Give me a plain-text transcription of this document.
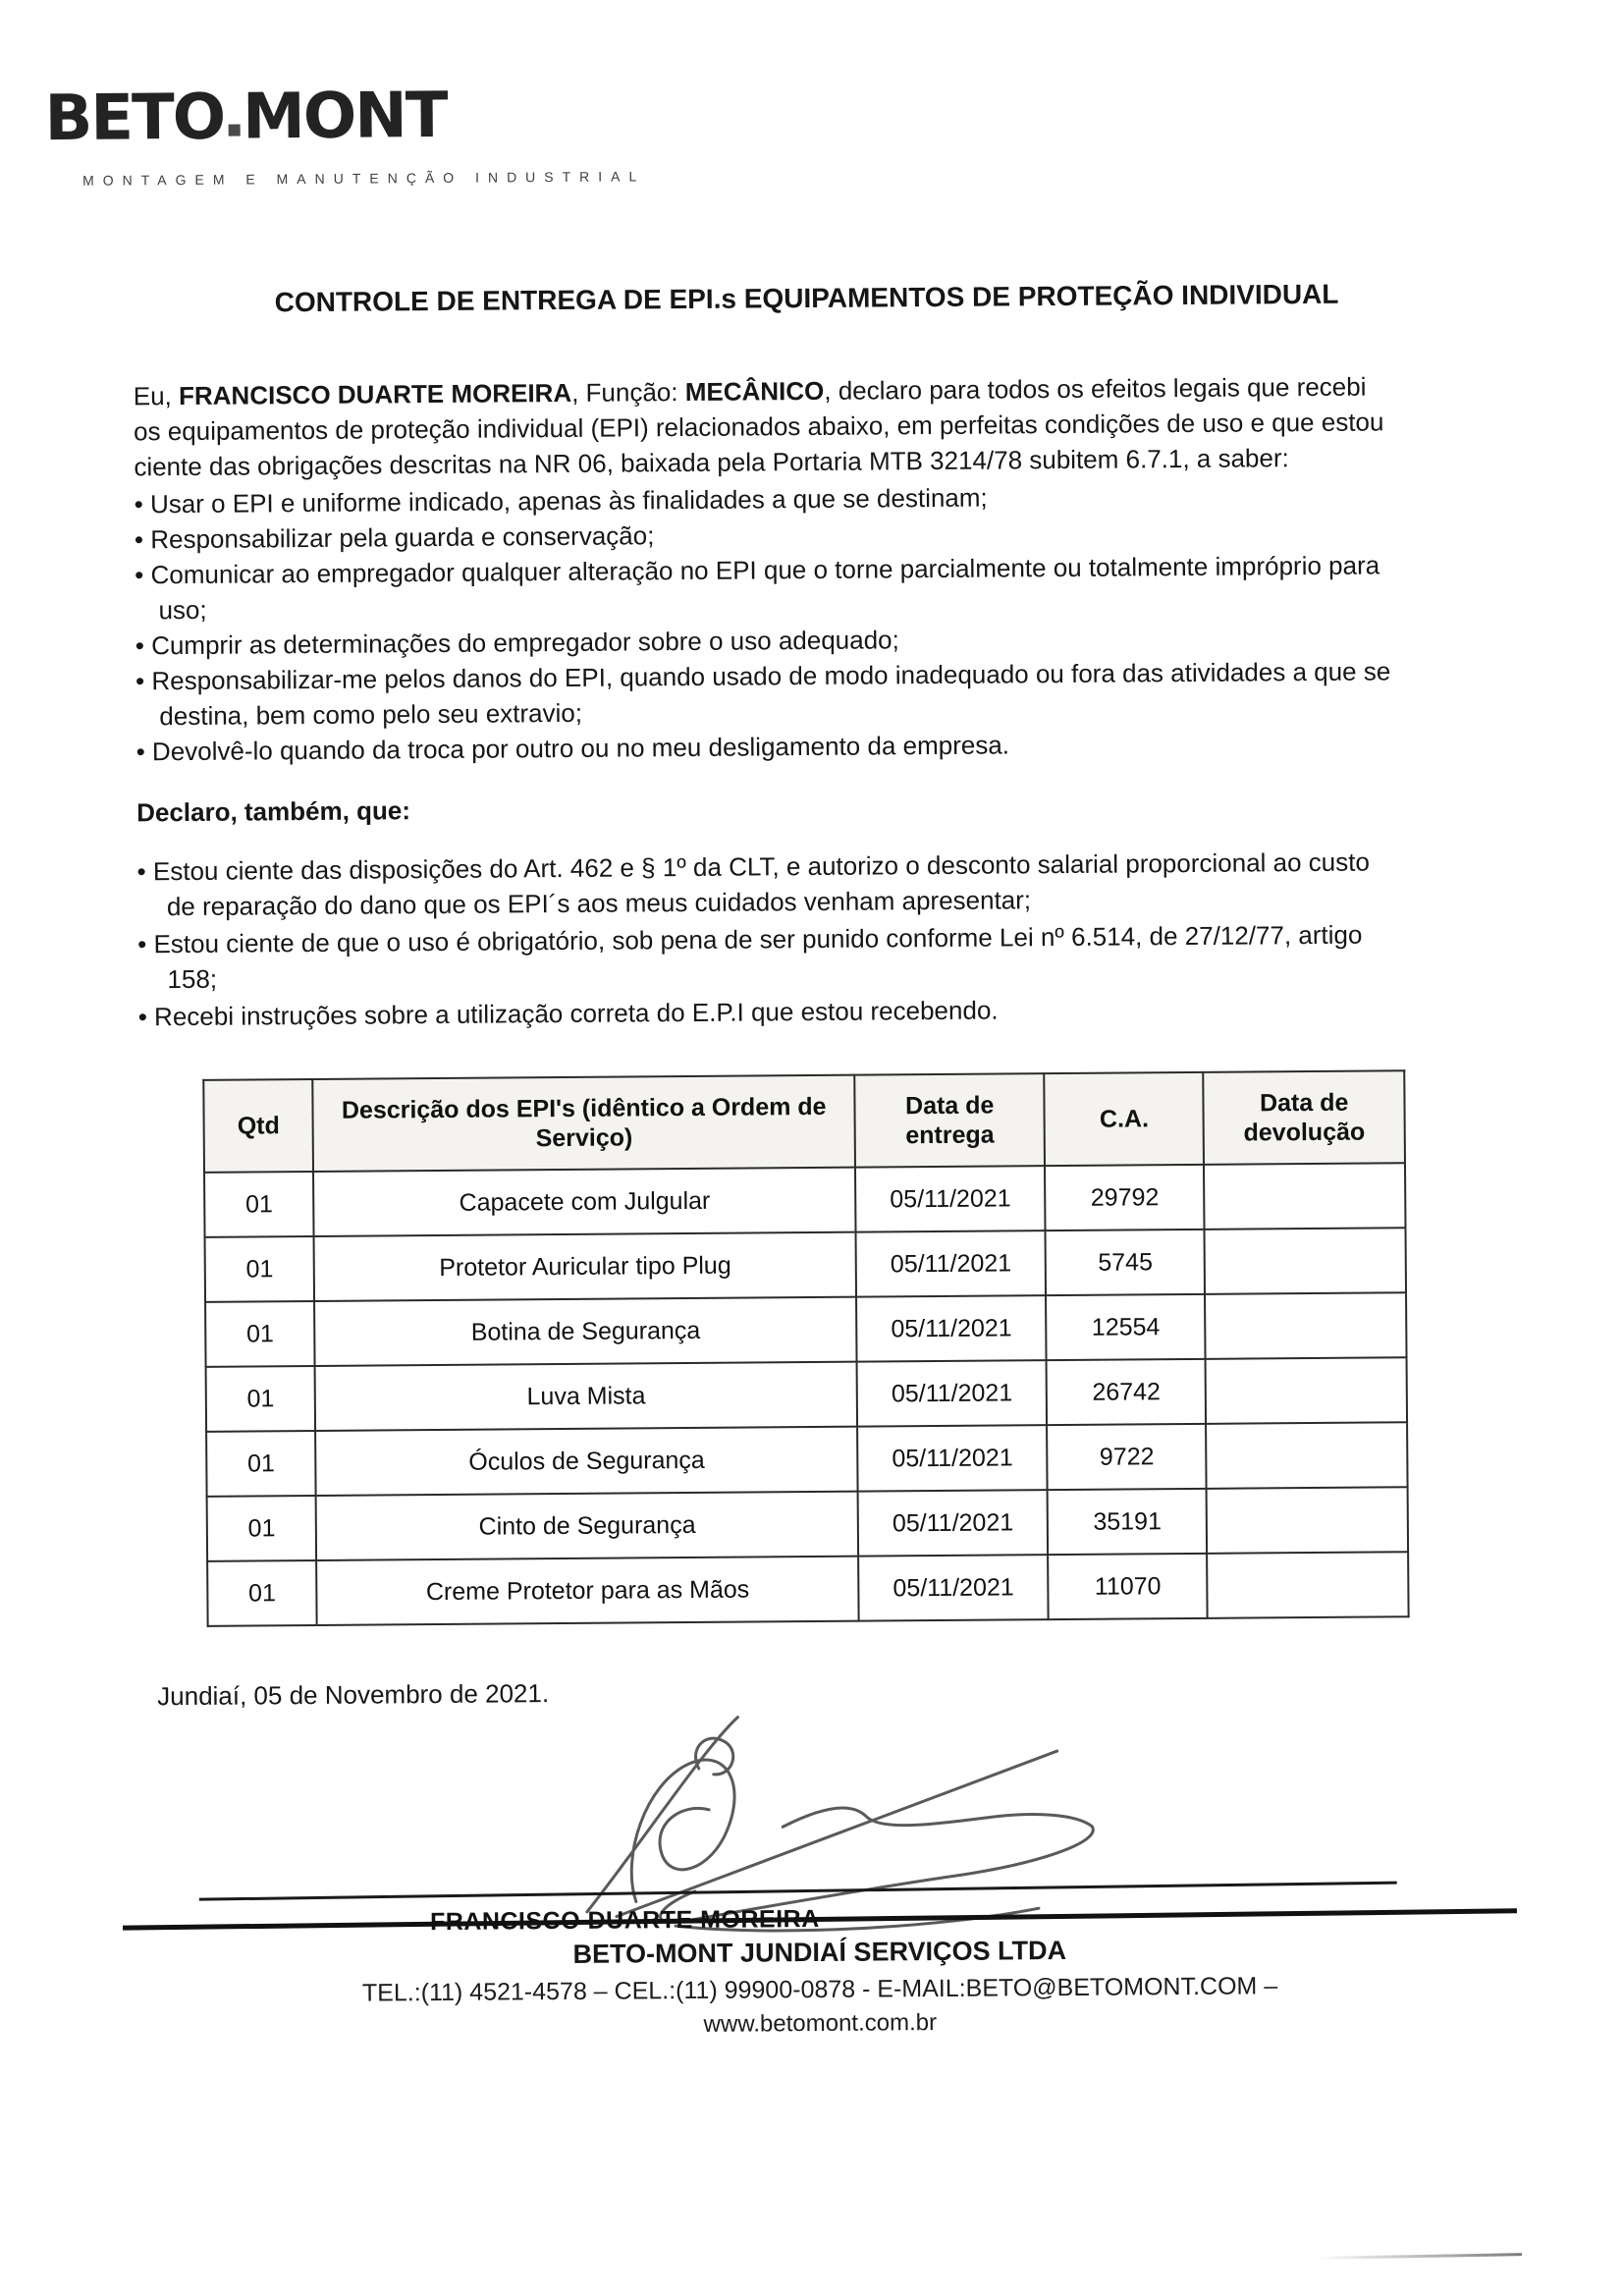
BETO MONT
MONTAGEM E MANUTENÇÃO INDUSTRIAL
CONTROLE DE ENTREGA DE EPI.s EQUIPAMENTOS DE PROTEÇÃO INDIVIDUAL

Eu, FRANCISCO DUARTE MOREIRA, Função: MECÂNICO, declaro para todos os efeitos legais que recebi os equipamentos de proteção individual (EPI) relacionados abaixo, em perfeitas condições de uso e que estou ciente das obrigações descritas na NR 06, baixada pela Portaria MTB 3214/78 subitem 6.7.1, a saber:

• Usar o EPI e uniforme indicado, apenas às finalidades a que se destinam;
• Responsabilizar pela guarda e conservação;
• Comunicar ao empregador qualquer alteração no EPI que o torne parcialmente ou totalmente impróprio para uso;
• Cumprir as determinações do empregador sobre o uso adequado;
• Responsabilizar-me pelos danos do EPI, quando usado de modo inadequado ou fora das atividades a que se destina, bem como pelo seu extravio;
• Devolvê-lo quando da troca por outro ou no meu desligamento da empresa.
Declaro, também, que:
• Estou ciente das disposições do Art. 462 e § 1º da CLT, e autorizo o desconto salarial proporcional ao custo de reparação do dano que os EPI´s aos meus cuidados venham apresentar;
• Estou ciente de que o uso é obrigatório, sob pena de ser punido conforme Lei nº 6.514, de 27/12/77, artigo 158;
• Recebi instruções sobre a utilização correta do E.P.I que estou recebendo.
Qtd	Descrição dos EPI's (idêntico a Ordem de Serviço)	Data de entrega	C.A.	Data de devolução
01	Capacete com Julgular	05/11/2021	29792	
01	Protetor Auricular tipo Plug	05/11/2021	5745	
01	Botina de Segurança	05/11/2021	12554	
01	Luva Mista	05/11/2021	26742	
01	Óculos de Segurança	05/11/2021	9722	
01	Cinto de Segurança	05/11/2021	35191	
01	Creme Protetor para as Mãos	05/11/2021	11070	
Jundiaí, 05 de Novembro de 2021.
FRANCISCO DUARTE MOREIRA
BETO-MONT JUNDIAÍ SERVIÇOS LTDA
TEL.:(11) 4521-4578 – CEL.:(11) 99900-0878 - E-MAIL:BETO@BETOMONT.COM –
www.betomont.com.br
